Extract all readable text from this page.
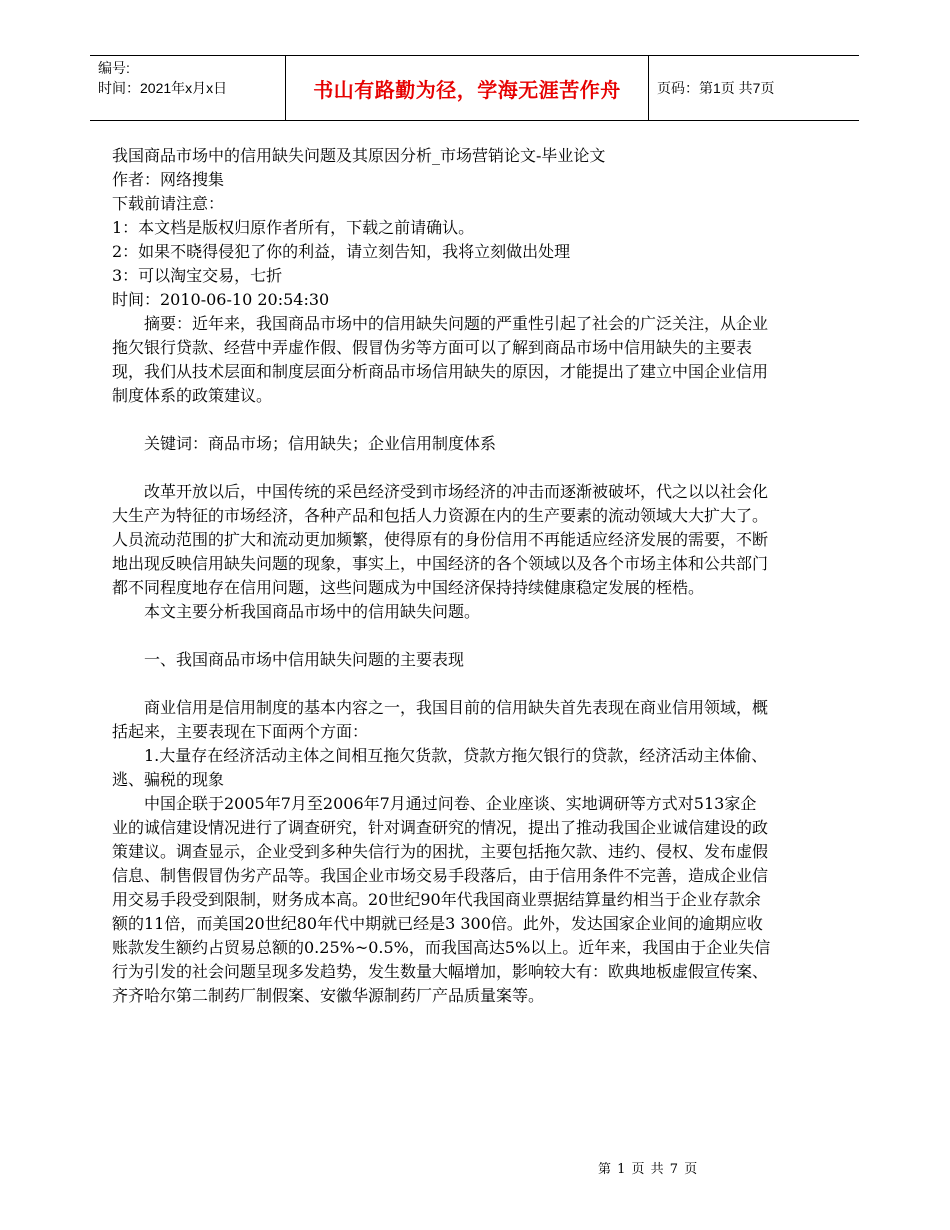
编号:
时间：2021年x月x日	书山有路勤为径，学海无涯苦作舟	页码：第1页 共7页

我国商品市场中的信用缺失问题及其原因分析_市场营销论文-毕业论文

作者：网络搜集

下载前请注意：

1：本文档是版权归原作者所有，下载之前请确认。

2：如果不晓得侵犯了你的利益，请立刻告知，我将立刻做出处理

3：可以淘宝交易，七折

时间：2010-06-10 20:54:30

摘要：近年来，我国商品市场中的信用缺失问题的严重性引起了社会的广泛关注，从企业拖欠银行贷款、经营中弄虚作假、假冒伪劣等方面可以了解到商品市场中信用缺失的主要表现，我们从技术层面和制度层面分析商品市场信用缺失的原因，才能提出了建立中国企业信用制度体系的政策建议。

关键词：商品市场；信用缺失；企业信用制度体系

改革开放以后，中国传统的采邑经济受到市场经济的冲击而逐渐被破坏，代之以以社会化大生产为特征的市场经济，各种产品和包括人力资源在内的生产要素的流动领域大大扩大了。人员流动范围的扩大和流动更加频繁，使得原有的身份信用不再能适应经济发展的需要，不断地出现反映信用缺失问题的现象，事实上，中国经济的各个领域以及各个市场主体和公共部门都不同程度地存在信用问题，这些问题成为中国经济保持持续健康稳定发展的桎梏。

本文主要分析我国商品市场中的信用缺失问题。

一、我国商品市场中信用缺失问题的主要表现

商业信用是信用制度的基本内容之一，我国目前的信用缺失首先表现在商业信用领域，概括起来，主要表现在下面两个方面：

1.大量存在经济活动主体之间相互拖欠货款，贷款方拖欠银行的贷款，经济活动主体偷、逃、骗税的现象

中国企联于2005年7月至2006年7月通过问卷、企业座谈、实地调研等方式对513家企业的诚信建设情况进行了调查研究，针对调查研究的情况，提出了推动我国企业诚信建设的政策建议。调查显示，企业受到多种失信行为的困扰，主要包括拖欠款、违约、侵权、发布虚假信息、制售假冒伪劣产品等。我国企业市场交易手段落后，由于信用条件不完善，造成企业信用交易手段受到限制，财务成本高。20世纪90年代我国商业票据结算量约相当于企业存款余额的11倍，而美国20世纪80年代中期就已经是3 300倍。此外，发达国家企业间的逾期应收账款发生额约占贸易总额的0.25%~0.5%，而我国高达5%以上。近年来，我国由于企业失信行为引发的社会问题呈现多发趋势，发生数量大幅增加，影响较大有：欧典地板虚假宣传案、齐齐哈尔第二制药厂制假案、安徽华源制药厂产品质量案等。

第 1 页 共 7 页
